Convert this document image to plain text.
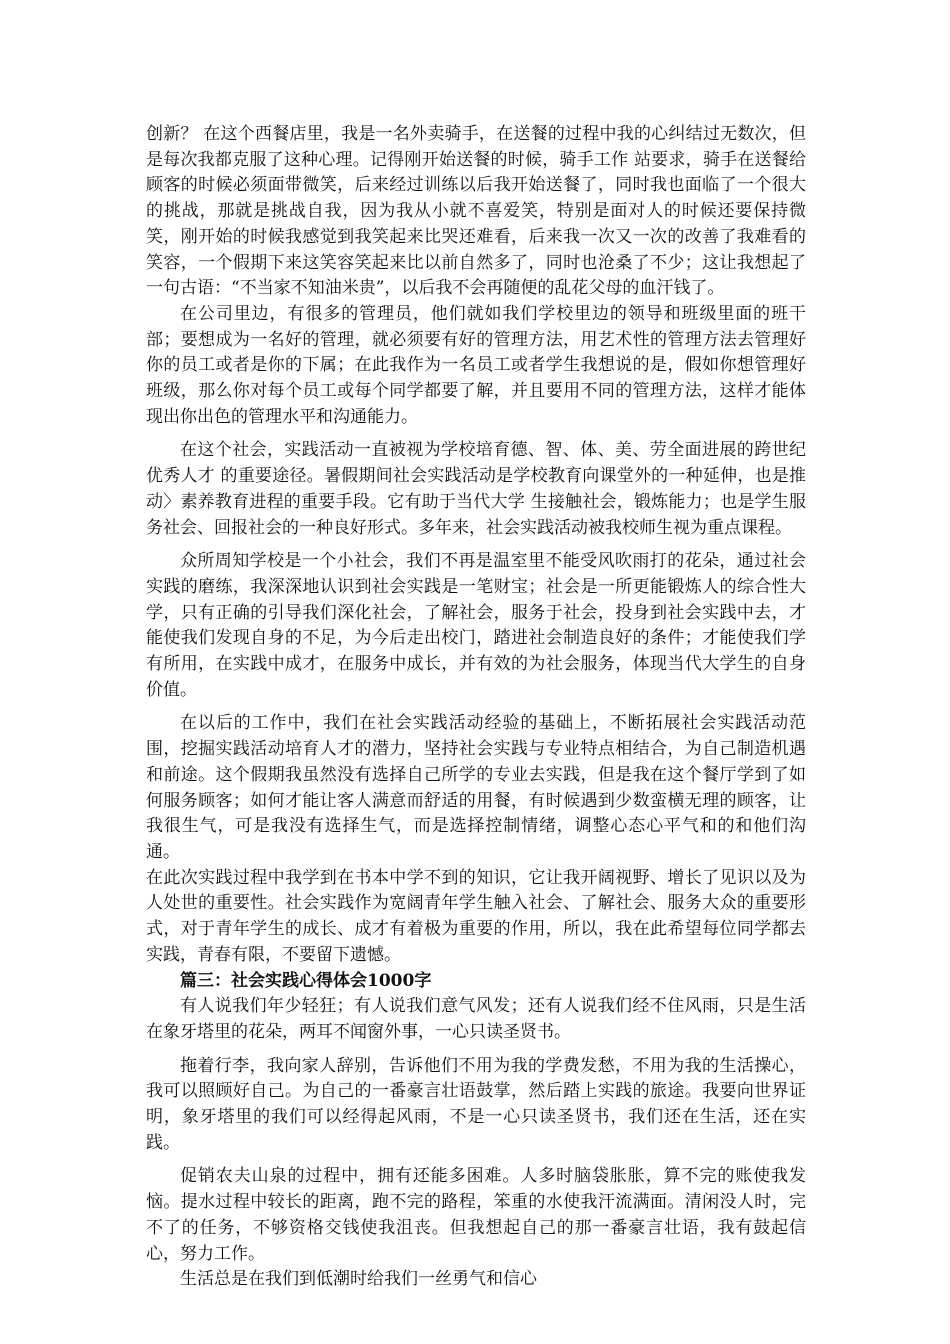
创新？ 在这个西餐店里，我是一名外卖骑手，在送餐的过程中我的心纠结过无数次，但是每次我都克服了这种心理。记得刚开始送餐的时候，骑手工作 站要求，骑手在送餐给顾客的时候必须面带微笑，后来经过训练以后我开始送餐了，同时我也面临了一个很大的挑战，那就是挑战自我，因为我从小就不喜爱笑，特别是面对人的时候还要保持微笑，刚开始的时候我感觉到我笑起来比哭还难看，后来我一次又一次的改善了我难看的笑容，一个假期下来这笑容笑起来比以前自然多了，同时也沧桑了不少；这让我想起了一句古语：“不当家不知油米贵”，以后我不会再随便的乱花父母的血汗钱了。

在公司里边，有很多的管理员，他们就如我们学校里边的领导和班级里面的班干部；要想成为一名好的管理，就必须要有好的管理方法，用艺术性的管理方法去管理好你的员工或者是你的下属；在此我作为一名员工或者学生我想说的是，假如你想管理好班级，那么你对每个员工或每个同学都要了解，并且要用不同的管理方法，这样才能体现出你出色的管理水平和沟通能力。

在这个社会，实践活动一直被视为学校培育德、智、体、美、劳全面进展的跨世纪优秀人才 的重要途径。暑假期间社会实践活动是学校教育向课堂外的一种延伸，也是推动〉素养教育进程的重要手段。它有助于当代大学 生接触社会，锻炼能力；也是学生服务社会、回报社会的一种良好形式。多年来，社会实践活动被我校师生视为重点课程。

众所周知学校是一个小社会，我们不再是温室里不能受风吹雨打的花朵，通过社会实践的磨练，我深深地认识到社会实践是一笔财宝；社会是一所更能锻炼人的综合性大学，只有正确的引导我们深化社会，了解社会，服务于社会，投身到社会实践中去，才能使我们发现自身的不足，为今后走出校门，踏进社会制造良好的条件；才能使我们学有所用，在实践中成才，在服务中成长，并有效的为社会服务，体现当代大学生的自身价值。

在以后的工作中，我们在社会实践活动经验的基础上，不断拓展社会实践活动范围，挖掘实践活动培育人才的潜力，坚持社会实践与专业特点相结合，为自己制造机遇和前途。这个假期我虽然没有选择自己所学的专业去实践，但是我在这个餐厅学到了如何服务顾客；如何才能让客人满意而舒适的用餐，有时候遇到少数蛮横无理的顾客，让我很生气，可是我没有选择生气，而是选择控制情绪，调整心态心平气和的和他们沟通。

在此次实践过程中我学到在书本中学不到的知识，它让我开阔视野、增长了见识以及为人处世的重要性。社会实践作为宽阔青年学生触入社会、了解社会、服务大众的重要形式，对于青年学生的成长、成才有着极为重要的作用，所以，我在此希望每位同学都去实践，青春有限，不要留下遗憾。

篇三：社会实践心得体会1000字

有人说我们年少轻狂；有人说我们意气风发；还有人说我们经不住风雨，只是生活在象牙塔里的花朵，两耳不闻窗外事，一心只读圣贤书。

拖着行李，我向家人辞别，告诉他们不用为我的学费发愁，不用为我的生活操心，我可以照顾好自己。为自己的一番豪言壮语鼓掌，然后踏上实践的旅途。我要向世界证明，象牙塔里的我们可以经得起风雨，不是一心只读圣贤书，我们还在生活，还在实践。

促销农夫山泉的过程中，拥有还能多困难。人多时脑袋胀胀，算不完的账使我发恼。提水过程中较长的距离，跑不完的路程，笨重的水使我汗流满面。清闲没人时，完不了的任务，不够资格交钱使我沮丧。但我想起自己的那一番豪言壮语，我有鼓起信心，努力工作。

生活总是在我们到低潮时给我们一丝勇气和信心
